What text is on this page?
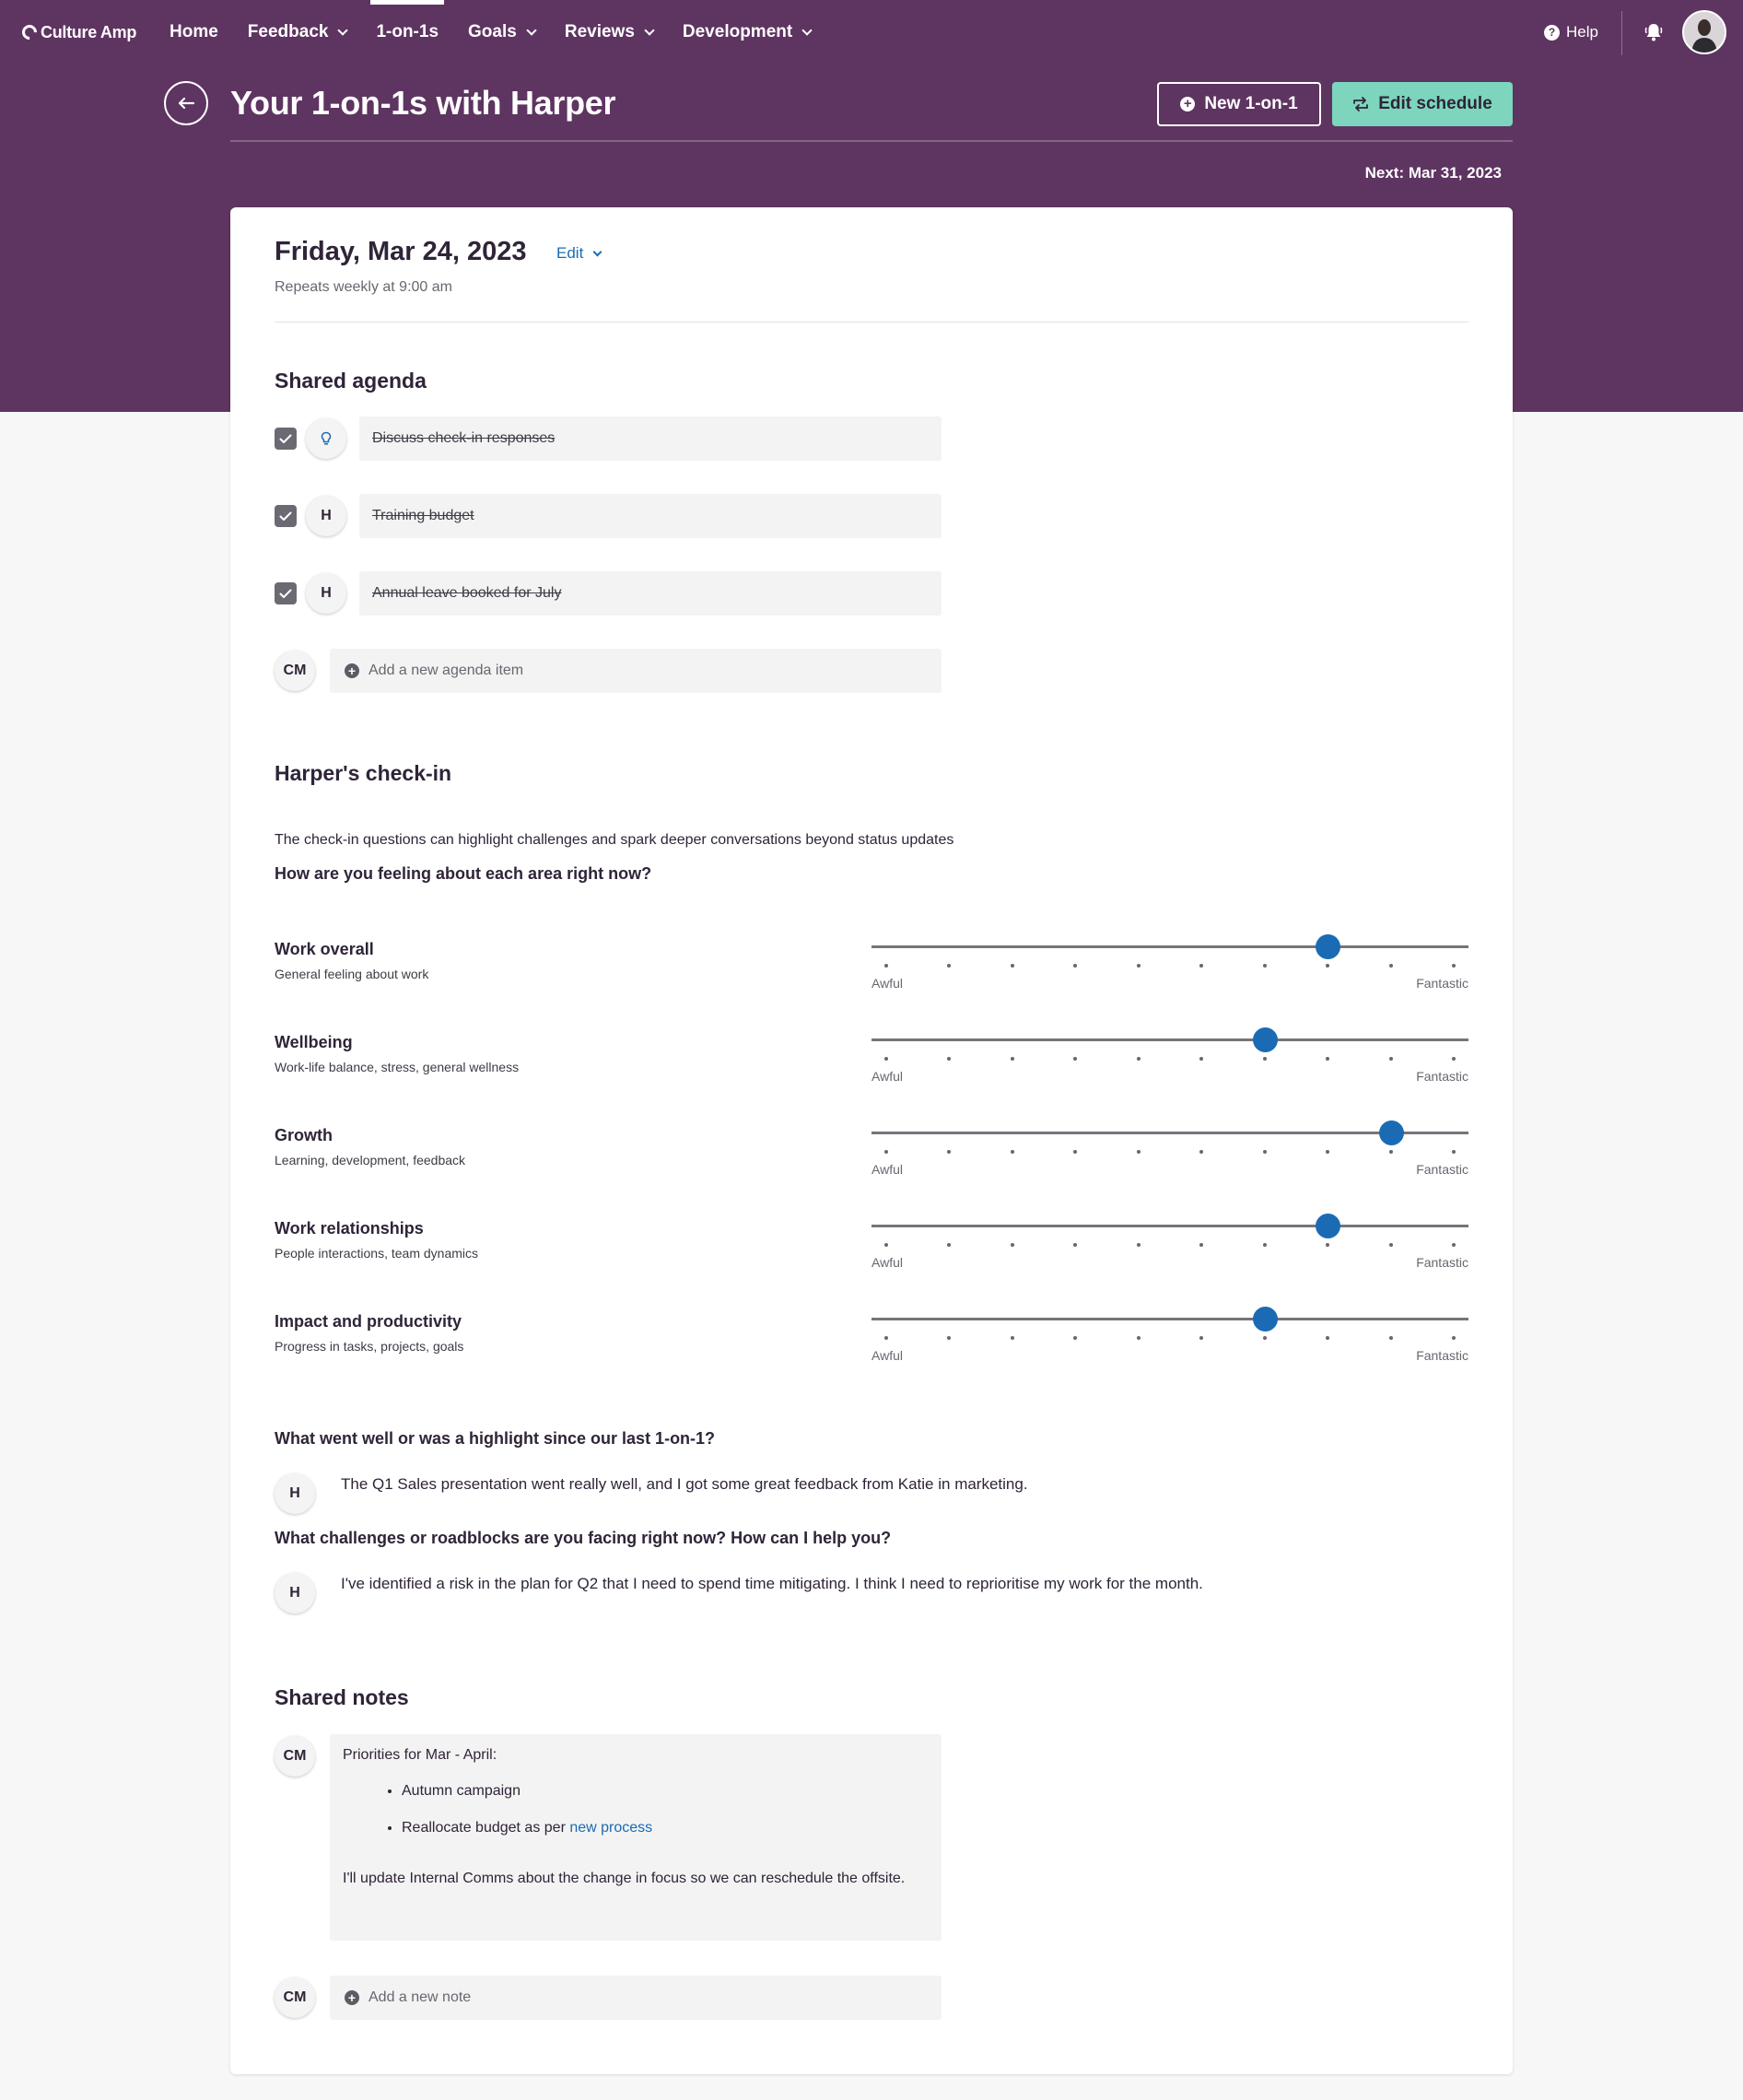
Culture Amp Home Feedback	1-on-1s Goals	Reviews	Development	? Help
Your 1-on-1s with Harper	+ New 1-on-1	Edit schedule
Next: Mar 31, 2023
Friday, Mar 24, 2023 Edit
Repeats weekly at 9:00 am
Shared agenda
Discuss check-in responses
H	Training budget
H	Annual leave booked for July
CM	+ Add a new agenda item
Harper's check-in
The check-in questions can highlight challenges and spark deeper conversations beyond status updates
How are you feeling about each area right now?
Work overall
General feeling about work
Awful	Fantastic
Wellbeing
Work-life balance, stress, general wellness
Awful	Fantastic
Growth
Learning, development, feedback
Awful	Fantastic
Work relationships
People interactions, team dynamics
Awful	Fantastic
Impact and productivity
Progress in tasks, projects, goals
Awful	Fantastic
What went well or was a highlight since our last 1-on-1?
H
The Q1 Sales presentation went really well, and I got some great feedback from Katie in marketing.
What challenges or roadblocks are you facing right now? How can I help you?
H
I've identified a risk in the plan for Q2 that I need to spend time mitigating. I think I need to reprioritise my work for the month.
Shared notes
CM	Priorities for Mar - April:
• Autumn campaign
• Reallocate budget as per new process
I'll update Internal Comms about the change in focus so we can reschedule the offsite.
CM	+ Add a new note
